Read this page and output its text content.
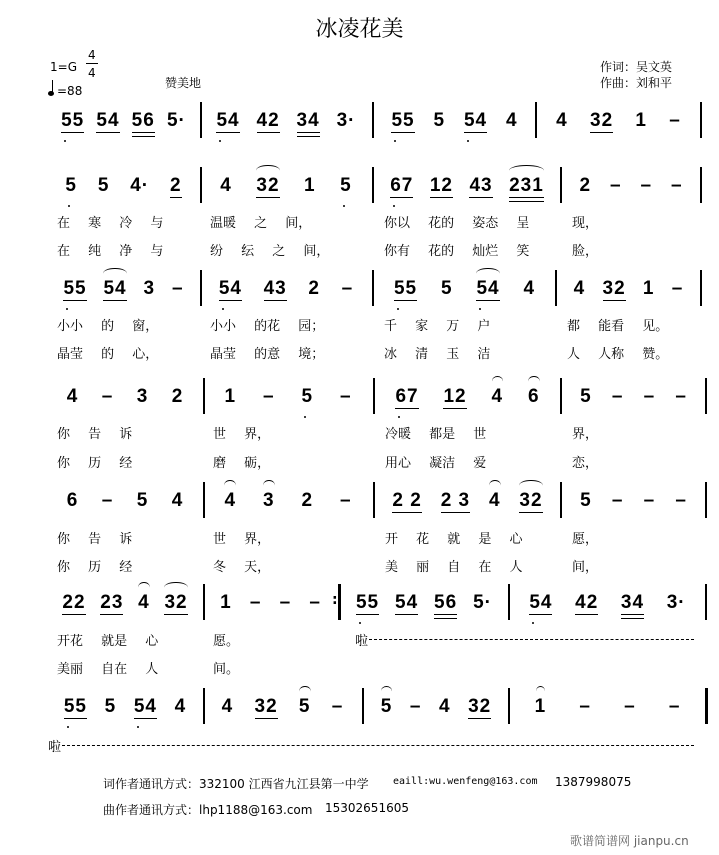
冰凌花美
1=G
4
4
=88
赞美地
作词：吴文英
作曲：刘和平
55 54 56 5· 54 42 34 3· 55 5 54 4 4 32 1 –
5 5 4· 2 4 32 1 5 67 12 43 231 2 – – –
55 54 3 – 54 43 2 – 55 5 54 4 4 32 1 –
4 – 3 2 1 – 5 – 67 12 4 6 5 – – –
6 – 5 4 4 3 2 – 2 2 2 3 4 32 5 – – –
22 23 4 32 1 – – – 55 54 56 5· 54 42 34 3·
:
55 5 54 4 4 32 5 – 5 – 4 32 1 – – –
词作者通讯方式：332100 江西省九江县第一中学 eaill:wu.wenfeng@163.com 1387998075
曲作者通讯方式：lhp1188@163.com 15302651605
歌谱简谱网 jianpu.cn
在 寒 冷 与	温暖 之 间，	你以 花的 姿态 呈	现，
在 纯 净 与	纷 纭 之 间，	你有 花的 灿烂 笑	脸，
小小 的 窗，	小小 的花 园；	千 家 万 户	都 能看 见。
晶莹 的 心，	晶莹 的意 境；	冰 清 玉 洁	人 人称 赞。
你 告 诉	世 界，	冷暖 都是 世	界，
你 历 经	磨 砺，	用心 凝洁 爱	恋，
你 告 诉	世 界，	开 花 就 是 心	愿，
你 历 经	冬 天，	美 丽 自 在 人	间，
开花 就是 心	愿。
美丽 自在 人	间。
啦
啦
